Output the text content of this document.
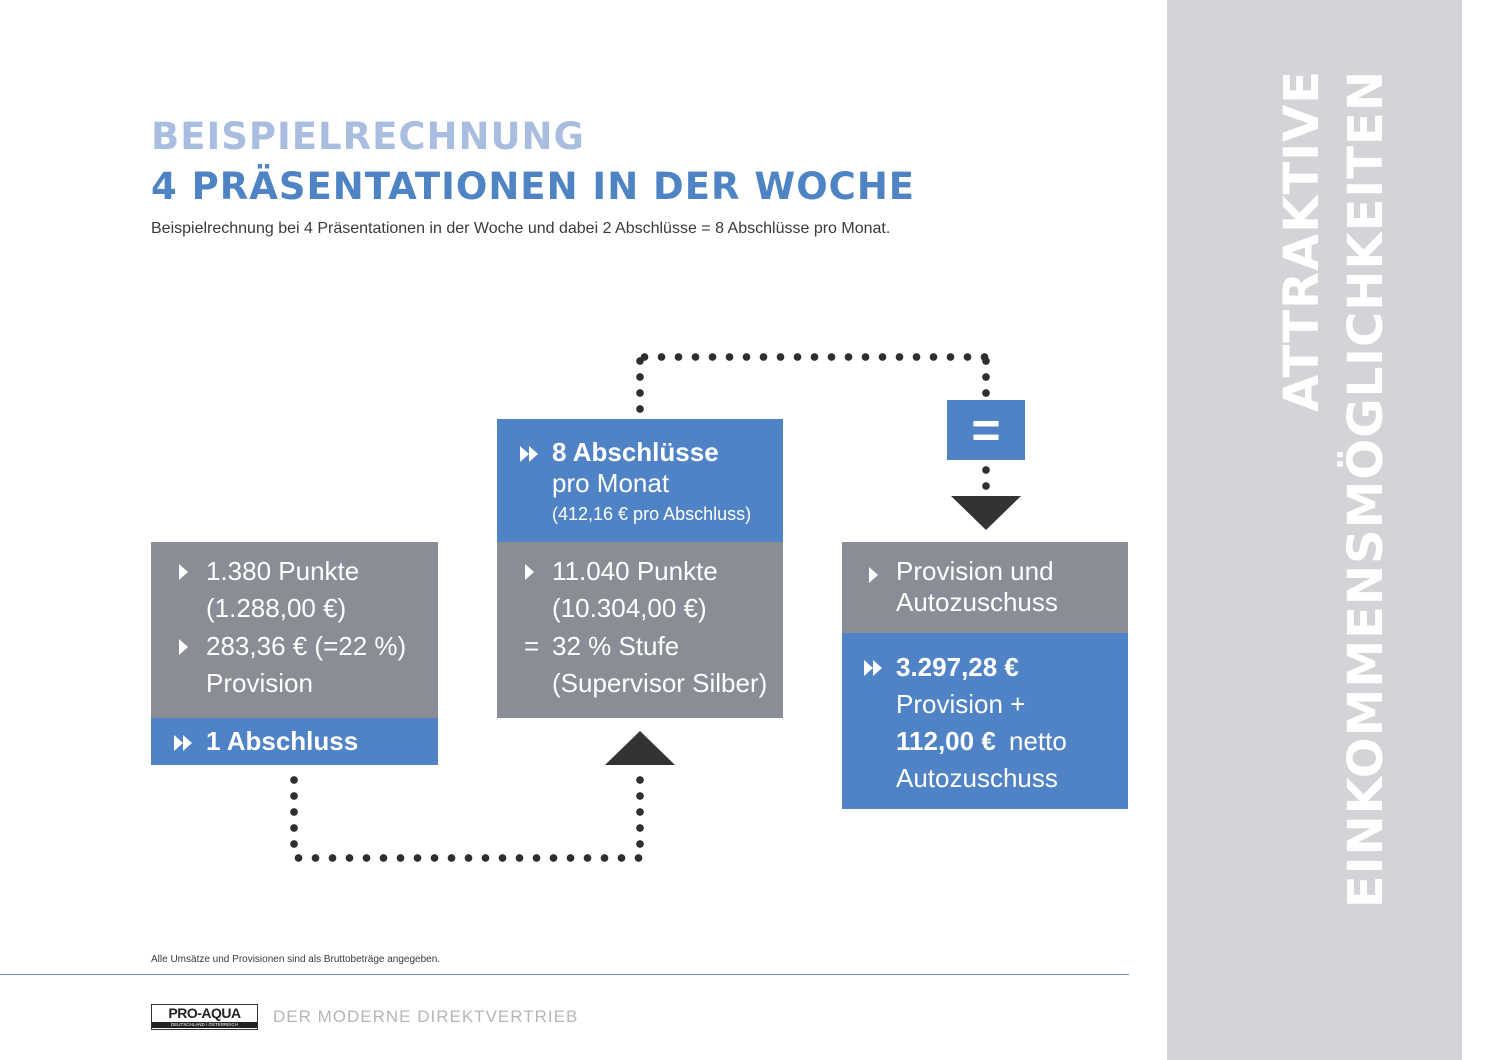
ATTRAKTIVE EINKOMMENSMÖGLICHKEITEN
BEISPIELRECHNUNG
4 PRÄSENTATIONEN IN DER WOCHE
Beispielrechnung bei 4 Präsentationen in der Woche und dabei 2 Abschlüsse = 8 Abschlüsse pro Monat.
=
1.380 Punkte
(1.288,00 €)
283,36 € (=22 %)
Provision
1 Abschluss
8 Abschlüsse
pro Monat
(412,16 € pro Abschluss)
11.040 Punkte
(10.304,00 €)
= 32 % Stufe
(Supervisor Silber)
Provision und
Autozuschuss
3.297,28 €
Provision +
112,00 € netto
Autozuschuss
Alle Umsätze und Provisionen sind als Bruttobeträge angegeben.
PRO-AQUA
DEUTSCHLAND / ÖSTERREICH	DER MODERNE DIREKTVERTRIEB
